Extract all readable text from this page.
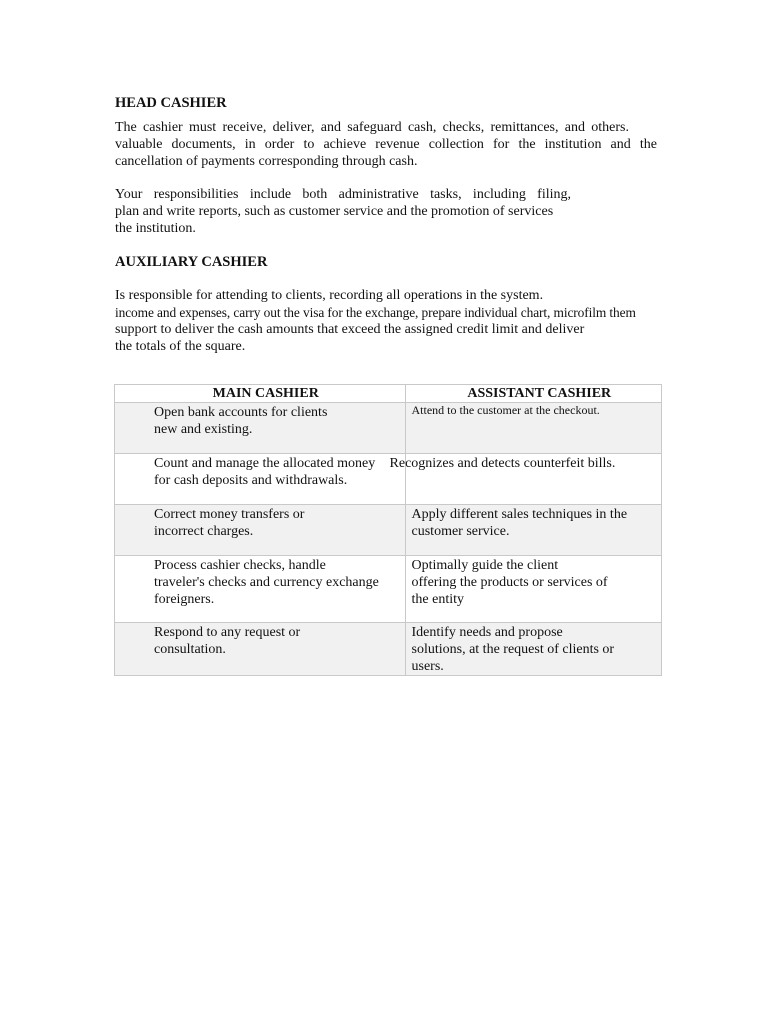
HEAD CASHIER
The cashier must receive, deliver, and safeguard cash, checks, remittances, and others.
valuable documents, in order to achieve revenue collection for the institution and the
cancellation of payments corresponding through cash.
Your responsibilities include both administrative tasks, including filing,
plan and write reports, such as customer service and the promotion of services
the institution.
AUXILIARY CASHIER
Is responsible for attending to clients, recording all operations in the system.
income and expenses, carry out the visa for the exchange, prepare individual chart, microfilm them
support to deliver the cash amounts that exceed the assigned credit limit and deliver
the totals of the square.
MAIN CASHIER	ASSISTANT CASHIER

Open bank accounts for clients
new and existing.	Attend to the customer at the checkout.

Count and manage the allocated money
for cash deposits and withdrawals.	Recognizes and detects counterfeit bills.

Correct money transfers or
incorrect charges.	Apply different sales techniques in the
customer service.

Process cashier checks, handle
traveler's checks and currency exchange
foreigners.	Optimally guide the client
offering the products or services of
the entity

Respond to any request or
consultation.	Identify needs and propose
solutions, at the request of clients or
users.
